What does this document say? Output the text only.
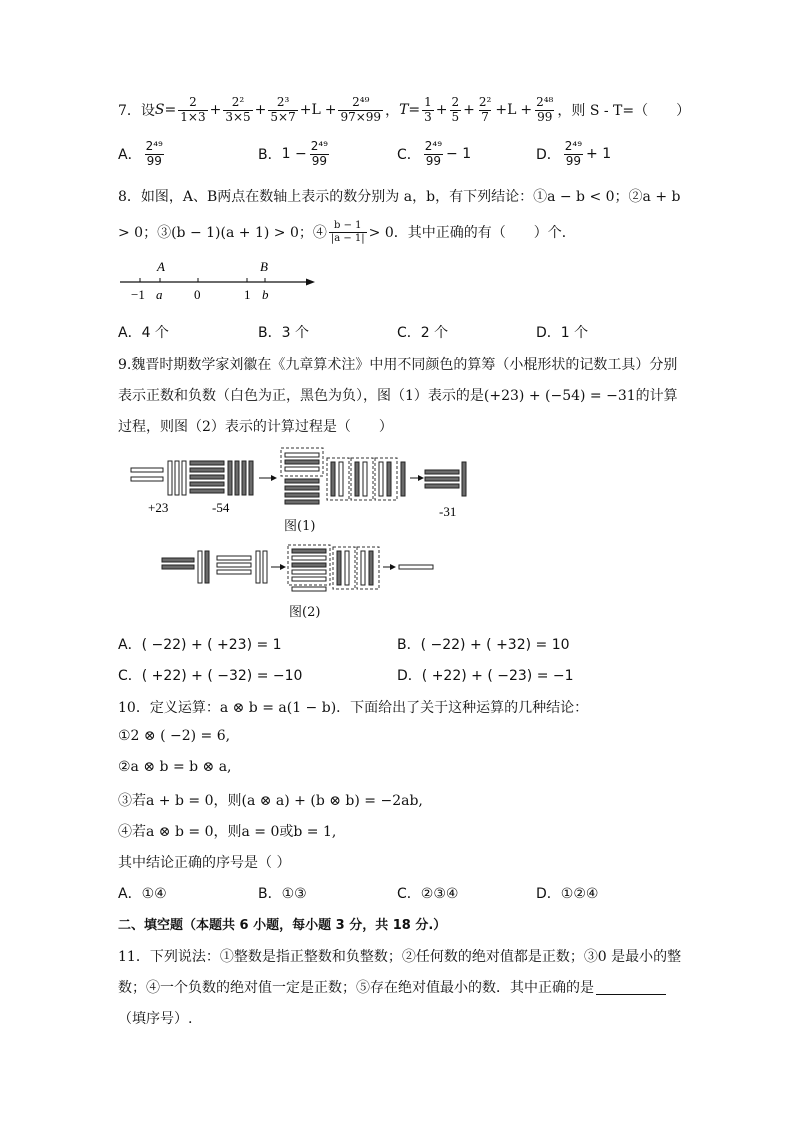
7．设 $S= \frac{2}{1\times 3} + \frac{\text{2²}}{3\times 5} + \frac{\text{2³}}{5\times 7} + L + \frac{\text{2⁴⁹}}{97\times 99}$ ， $T= \frac{1}{3} + \frac{2}{5} + \frac{\text{2²}}{7} + L + \frac{\text{2⁴⁸}}{99}$ ，则 S - T=（　　）
A． $\frac{\text{2⁴⁹}}{99}$	B． $1 - \frac{\text{2⁴⁹}}{99}$	C． $\frac{\text{2⁴⁹}}{99} - 1$	D． $\frac{\text{2⁴⁹}}{99} + 1$
8．如图，A、B两点在数轴上表示的数分别为 a，b，有下列结论：①a − b < 0；②a + b
> 0；③(b − 1)(a + 1) > 0；④ $\frac{b - 1}{|a - 1|} > 0$．其中正确的有（　　）个．
A	B
−1 a 0	1 b
A．4 个	B．3 个	C．2 个	D．1 个
9.魏晋时期数学家刘徽在《九章算术注》中用不同颜色的算筹（小棍形状的记数工具）分别
表示正数和负数（白色为正，黑色为负），图（1）表示的是(+23) + (−54) = −31的计算
过程，则图（2）表示的计算过程是（　　）
+23	-54	-31
图(1)
图(2)
A．( −22) + ( +23) = 1	B．( −22) + ( +32) = 10
C．( +22) + ( −32) = −10	D．( +22) + ( −23) = −1
10．定义运算：a ⊗ b = a(1 − b)．下面给出了关于这种运算的几种结论：
①2 ⊗ ( −2) = 6,
②a ⊗ b = b ⊗ a,
③若a + b = 0，则(a ⊗ a) + (b ⊗ b) = −2ab,
④若a ⊗ b = 0，则a = 0或b = 1,
其中结论正确的序号是（ ）
A．①④	B．①③	C．②③④	D．①②④
二、填空题（本题共 6 小题，每小题 3 分，共 18 分.）
11．下列说法：①整数是指正整数和负整数；②任何数的绝对值都是正数；③0 是最小的整
数；④一个负数的绝对值一定是正数；⑤存在绝对值最小的数．其中正确的是
（填序号）.
